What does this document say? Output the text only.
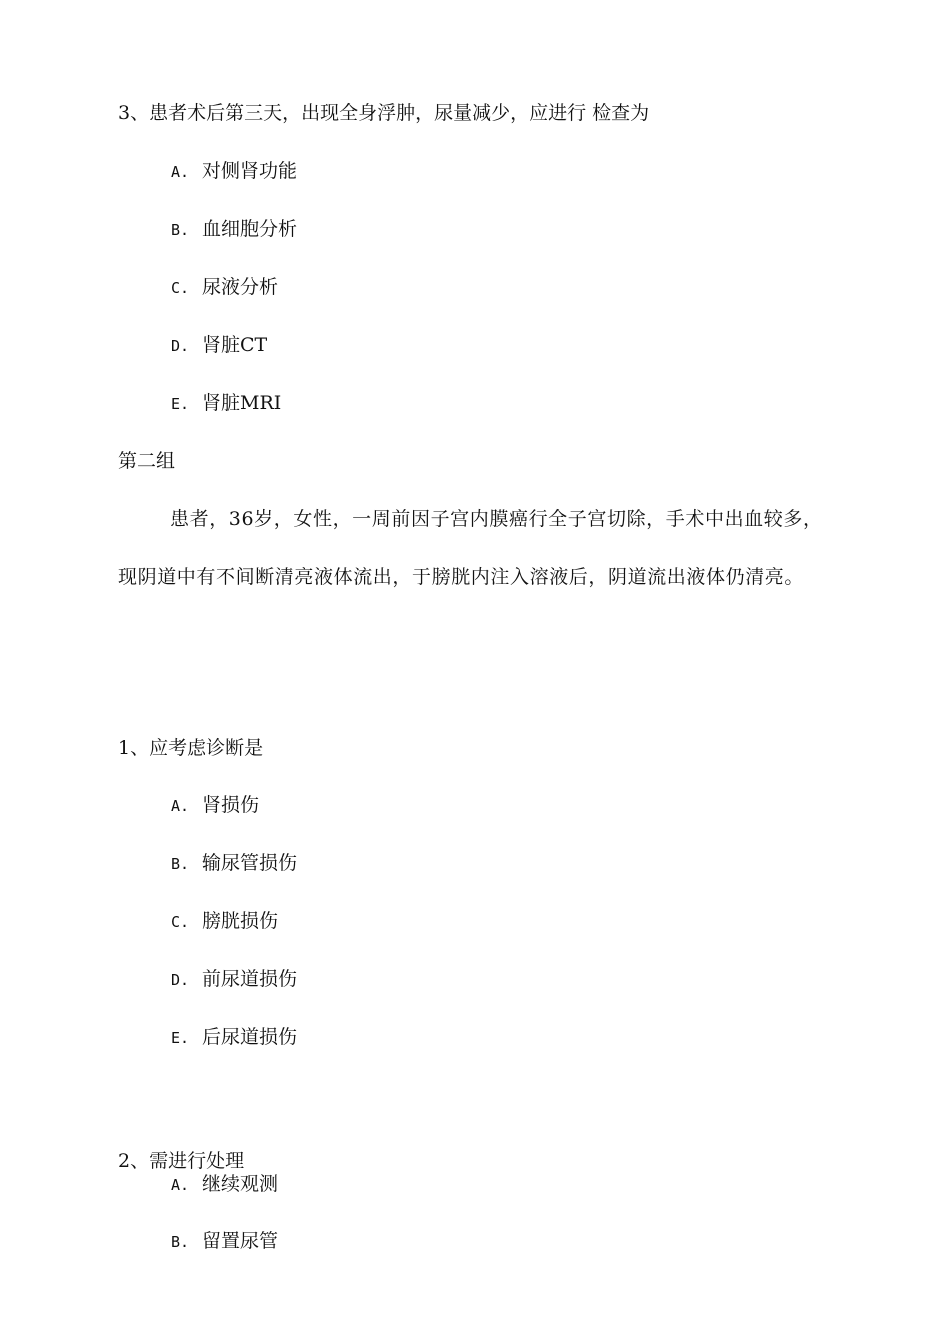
3、患者术后第三天，出现全身浮肿，尿量减少，应进行 检查为
A. 对侧肾功能
B. 血细胞分析
C. 尿液分析
D. 肾脏CT
E. 肾脏MRI
第二组
患者，36岁，女性，一周前因子宫内膜癌行全子宫切除，手术中出血较多，现阴道中有不间断清亮液体流出，于膀胱内注入溶液后，阴道流出液体仍清亮。
1、应考虑诊断是
A. 肾损伤
B. 输尿管损伤
C. 膀胱损伤
D. 前尿道损伤
E. 后尿道损伤
2、需进行处理
A. 继续观测
B. 留置尿管
